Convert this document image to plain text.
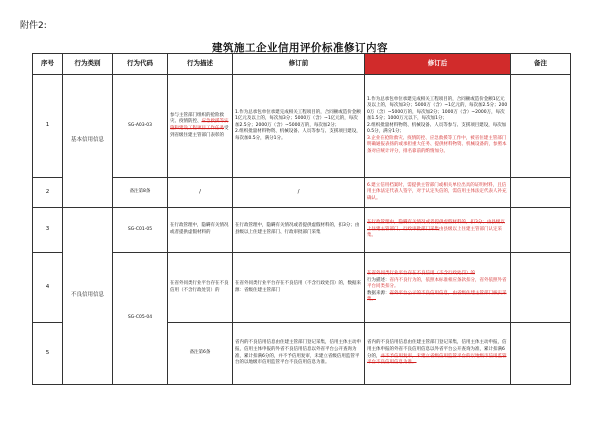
附件2:
建筑施工企业信用评价标准修订内容
序号	行为类别	行为代码	行为描述	修订前	修订后	备注
1	基本信用信息	SG-A03-03	参与主管部门组织的抢险救灾、疫情防控、应急救援等实施和建设工程项目工作任务受到省级住建主管部门表彰的	1.作为总承包单位承建完成相关工程项目的，合同额或造价金额1亿元及以上的，每次加3分；5000万（含）~1亿元的，每次加2.5分；2000万（含）~5000万的，每次加2分；
2.组织批量材料物资、机械设备、人员等参与、支援项目建设，每次加0.5分，满分1分。	1.作为总承包单位承建完成相关工程项目的，合同额或造价金额1亿元及以上的，每次加3分；5000万（含）~1亿元的，每次加2.5分；2000万（含）~5000万的，每次加2分；1000万（含）~2000万，每次加1.5分；1000万元以下，每次加1分；
2.组织批量材料物资、机械设备、人员等参与、支援项目建设，每次加0.5分，满分1分；
3.企业在抢险救灾、疫情防控、应急救援等工作中，被省住建主管部门明确通报表扬的或承担重大任务、提供材料物资、机械设备的，参照本条对应统计评分，排名靠前的酌情加分。	

2		备注第8条	/	/	6.建立信用档案时，需提供主管部门或相关单位出具的证明材料，且信用主体法定代表人签字，对于认定失信的，需信用主体法定代表人补充确认。	
3	不良信用信息	SG-C01-05	在行政管理中，隐瞒有关情况或者提供虚假材料的	在行政管理中，隐瞒有关情况或者提供虚假材料的，扣3分；由县级以上住建主管部门、行政审批部门采集	在行政管理中，隐瞒有关情况或者提供虚假材料的，扣3分；由县级以上住建主管部门、行政审批部门采集由县级以上住建主管部门认定采集。	
4		SG-C05-04	在省外同类行业平台存在不良信用（不含行政处罚）的	在省外同类行业平台存在不良信用（不含行政处罚）的，数据来源：省级住建主管部门	在省外同类行业平台存在不良信用（不含行政处罚）的
行为描述：省内不良行为的，依照本标准相应条款扣分，省外依照外省平台同类扣分。
数据来源：省外平台公示的不良信用信息，由省级住建主管部门核实采集。	

5			备注第6条	省内的不良信用信息由住建主管部门登记采集，信用主体主动申报，信用主体申报的外省不良信用信息以外省平台公开查询为准，累计扣满6分的，并不予信用复审，未建立省级信用监管平台的以地级市信用监管平台不良信用信息为准。	省内的不良信用信息由住建主管部门登记采集，信用主体主动申报，信用主体申报的外省不良信用信息以外省平台公开查询为准，累计扣满6分的，并不予信用复审，未建立省级信用监管平台的以地级市信用监管平台不良信用信息为准。	
